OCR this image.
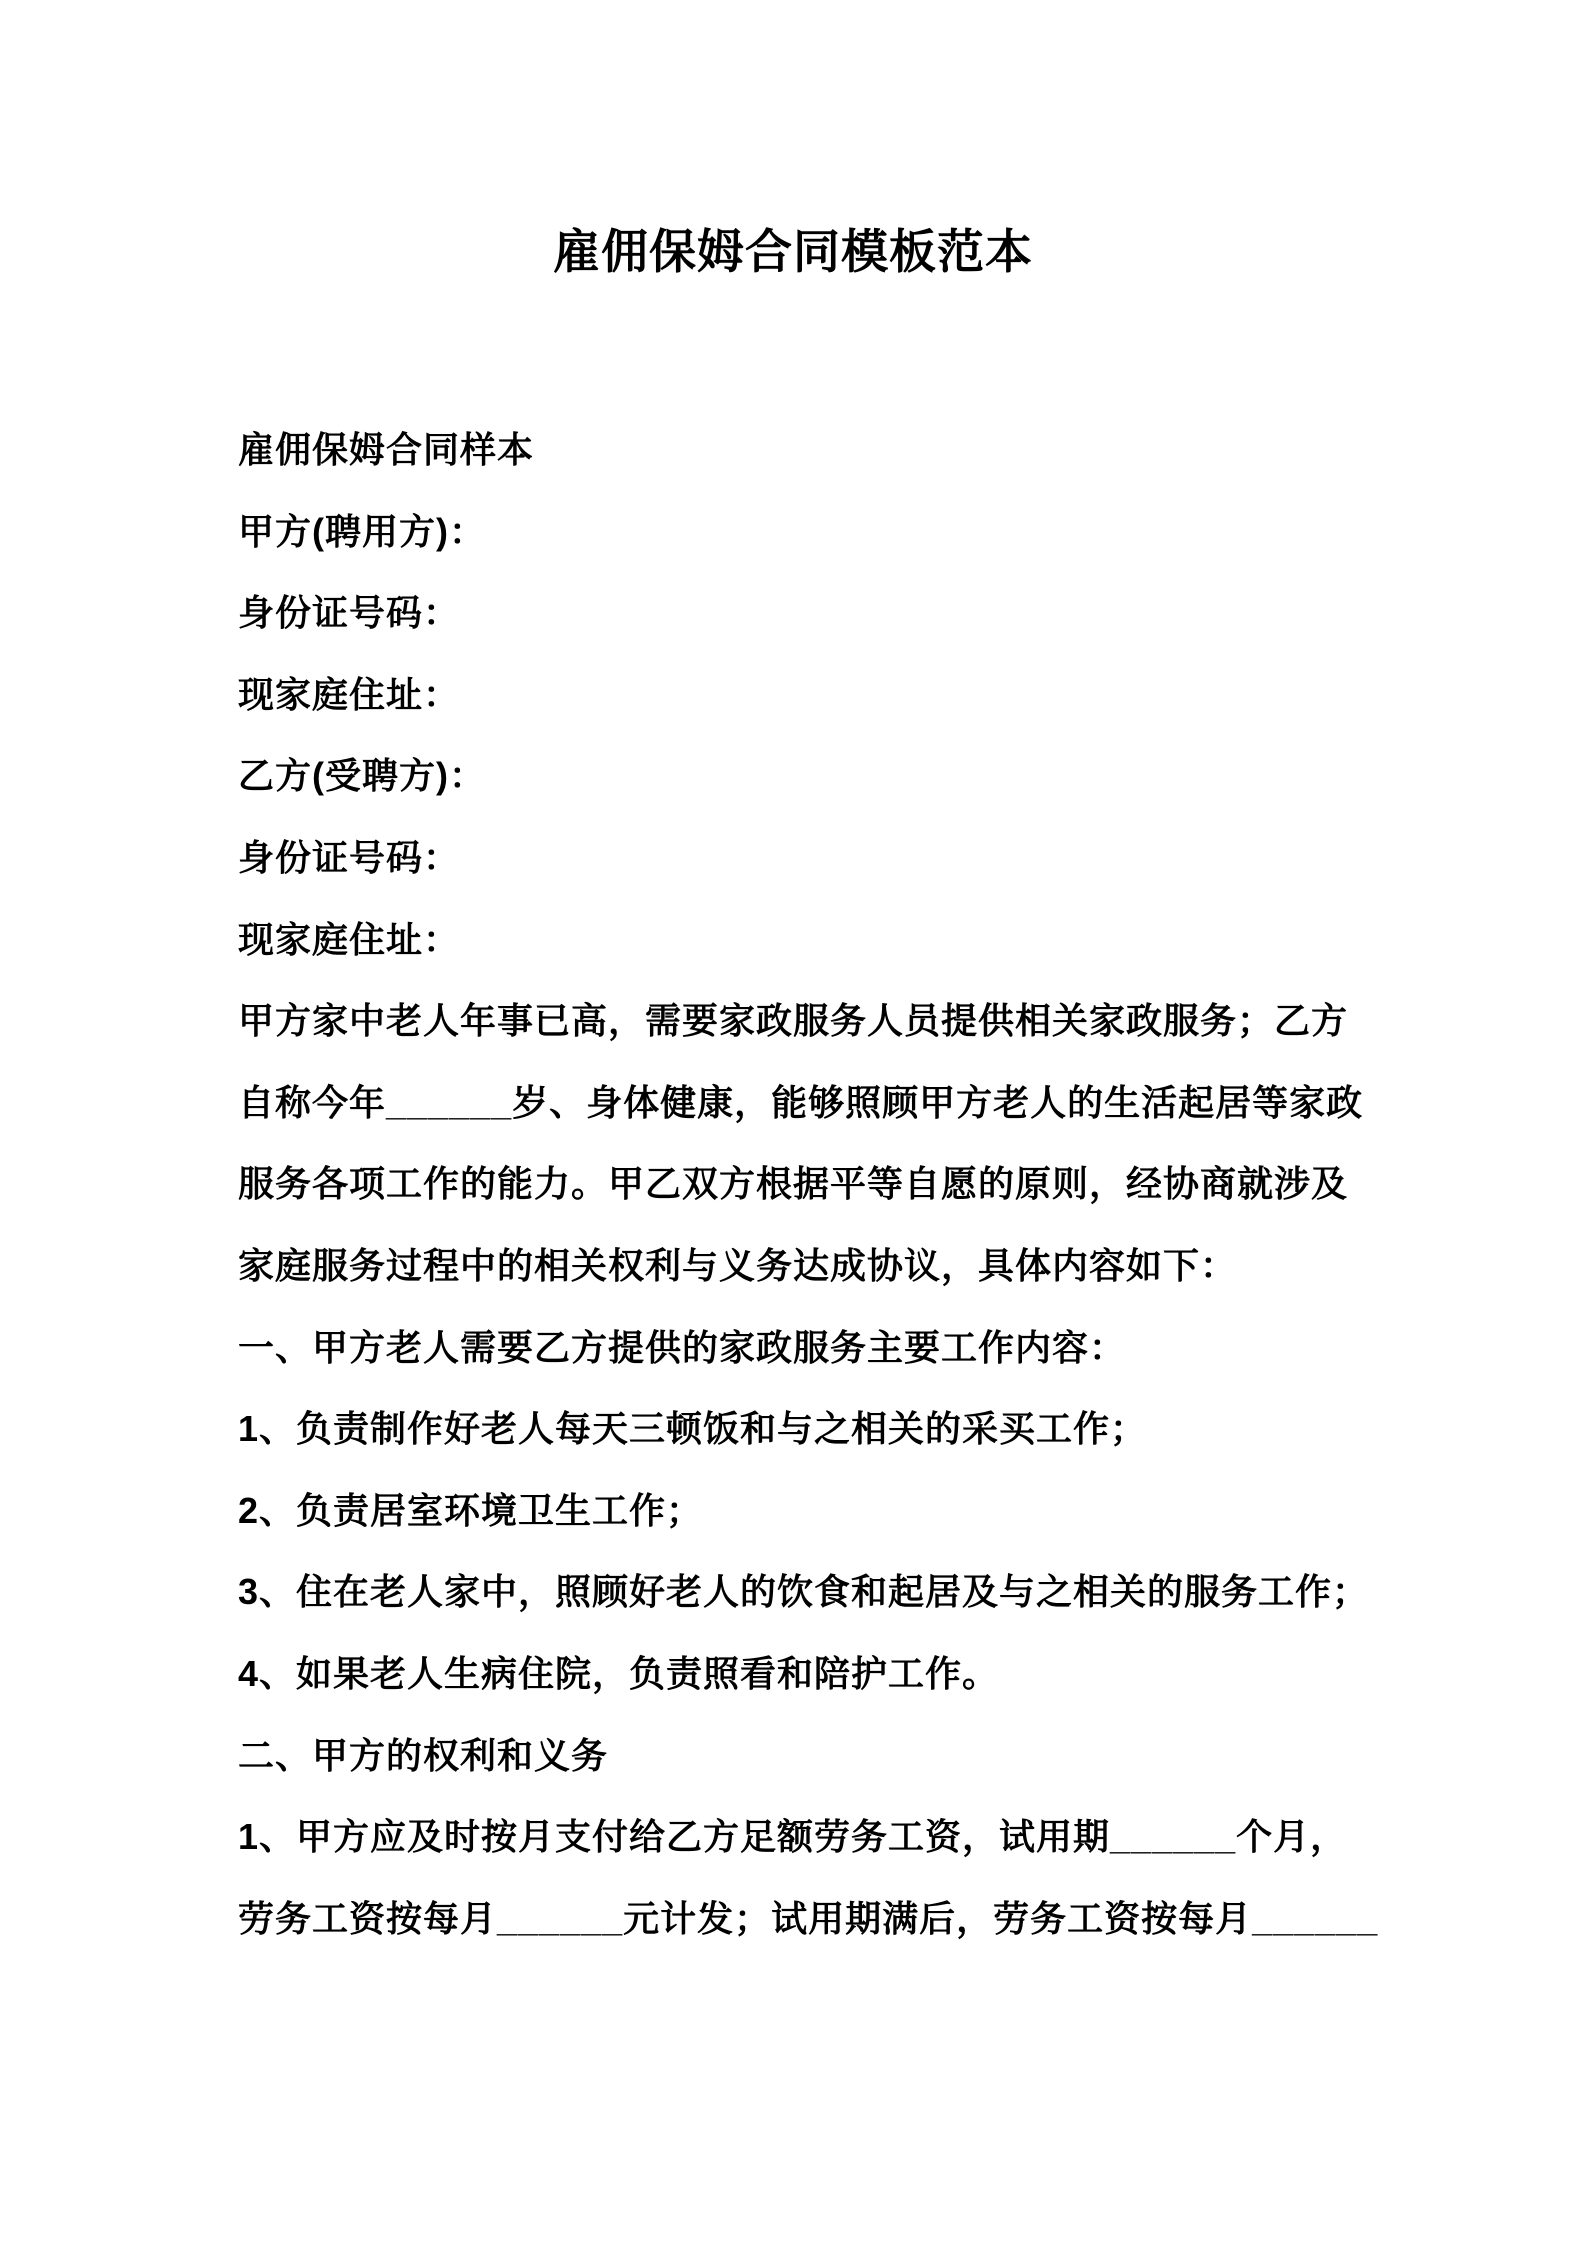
雇佣保姆合同模板范本

雇佣保姆合同样本

甲方(聘用方)：

身份证号码：

现家庭住址：

乙方(受聘方)：

身份证号码：

现家庭住址：

甲方家中老人年事已高，需要家政服务人员提供相关家政服务；乙方

自称今年______岁、身体健康，能够照顾甲方老人的生活起居等家政

服务各项工作的能力。甲乙双方根据平等自愿的原则，经协商就涉及

家庭服务过程中的相关权利与义务达成协议，具体内容如下：

一、甲方老人需要乙方提供的家政服务主要工作内容：

1、负责制作好老人每天三顿饭和与之相关的采买工作；

2、负责居室环境卫生工作；

3、住在老人家中，照顾好老人的饮食和起居及与之相关的服务工作；

4、如果老人生病住院，负责照看和陪护工作。

二、甲方的权利和义务

1、甲方应及时按月支付给乙方足额劳务工资，试用期______个月，

劳务工资按每月______元计发；试用期满后，劳务工资按每月______
